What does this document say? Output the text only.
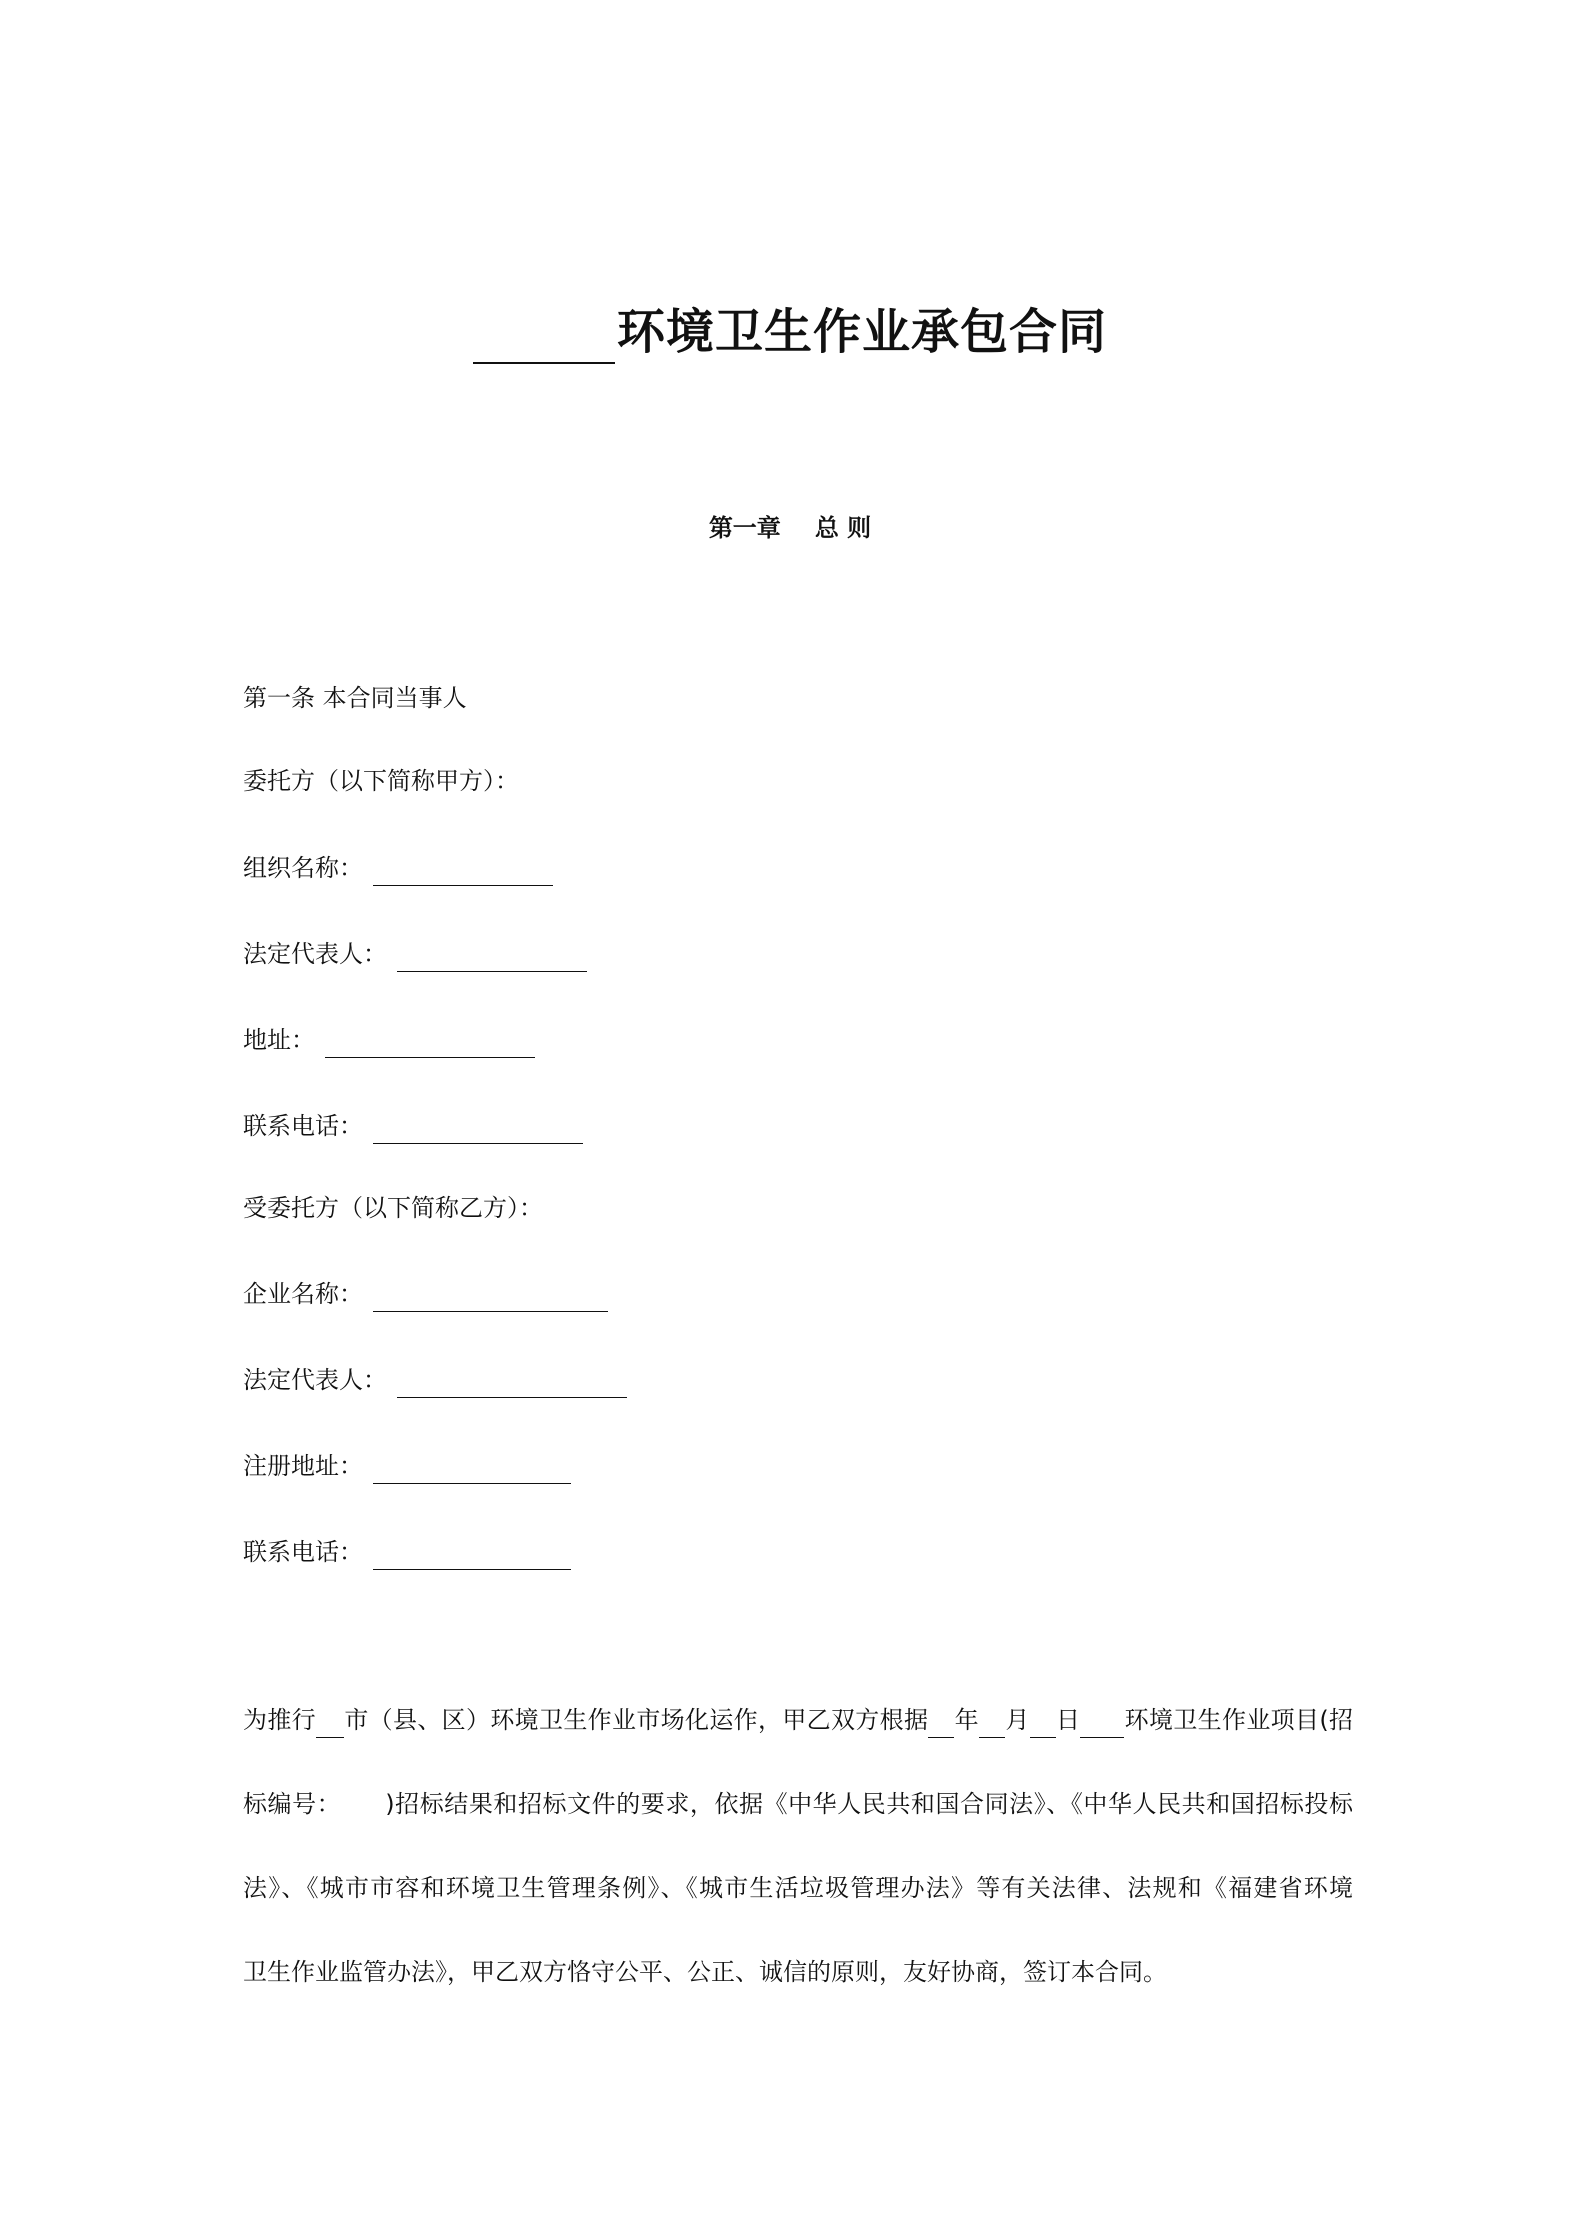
环境卫生作业承包合同
第一章 总 则
第一条 本合同当事人
委托方（以下简称甲方）：
组织名称：
法定代表人：
地址：
联系电话：
受委托方（以下简称乙方）：
企业名称：
法定代表人：
注册地址：
联系电话：
为推行 市（县、区）环境卫生作业市场化运作，甲乙双方根据 年 月 日 环境卫生作业项目(招
标编号： )招标结果和招标文件的要求，依据《中华人民共和国合同法》、《中华人民共和国招标投标
法》、《城市市容和环境卫生管理条例》、《城市生活垃圾管理办法》等有关法律、法规和《福建省环境
卫生作业监管办法》，甲乙双方恪守公平、公正、诚信的原则，友好协商，签订本合同。
